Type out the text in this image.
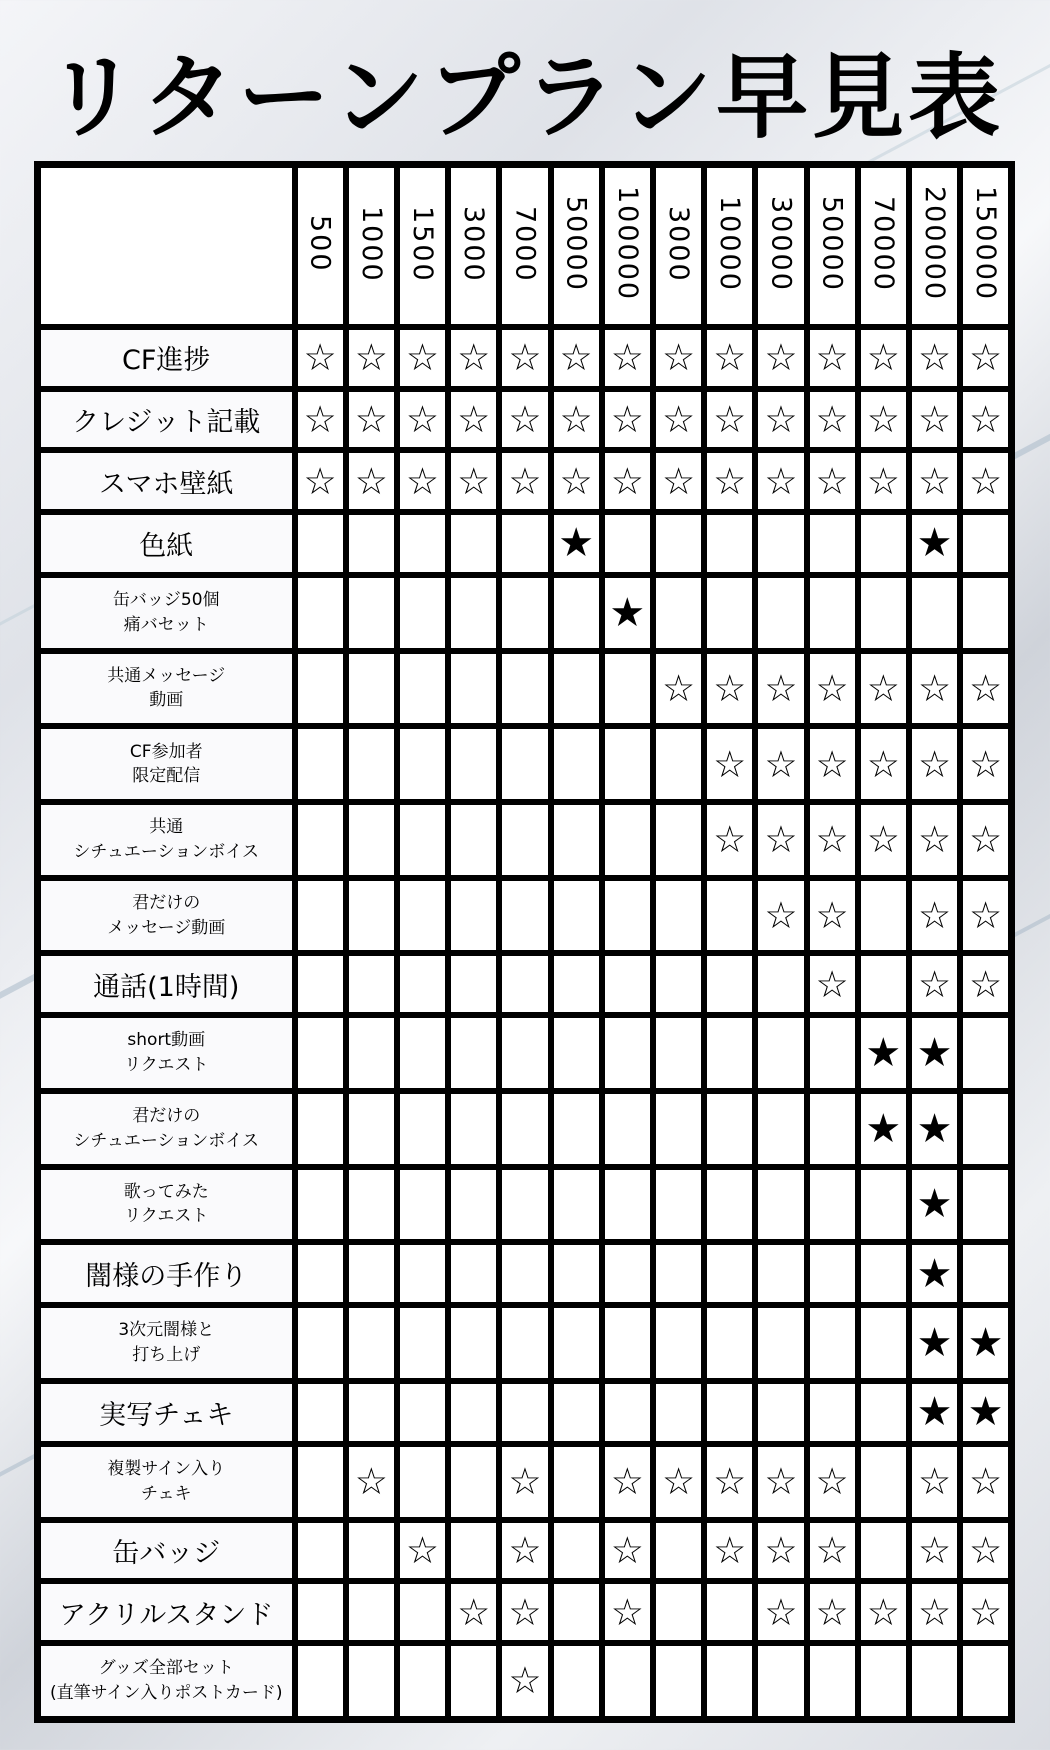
リターンプラン早見表
	500	1000	1500	3000	7000	50000	100000	3000	10000	30000	50000	70000	200000	150000
CF進捗	☆	☆	☆	☆	☆	☆	☆	☆	☆	☆	☆	☆	☆	☆
クレジット記載	☆	☆	☆	☆	☆	☆	☆	☆	☆	☆	☆	☆	☆	☆
スマホ壁紙	☆	☆	☆	☆	☆	☆	☆	☆	☆	☆	☆	☆	☆	☆
色紙						★							★	
缶バッジ50個
痛バセット							★							
共通メッセージ
動画								☆	☆	☆	☆	☆	☆	☆
CF参加者
限定配信									☆	☆	☆	☆	☆	☆
共通
シチュエーションボイス									☆	☆	☆	☆	☆	☆
君だけの
メッセージ動画										☆	☆		☆	☆
通話(1時間)											☆		☆	☆
short動画
リクエスト												★	★	
君だけの
シチュエーションボイス												★	★	
歌ってみた
リクエスト													★	
闇様の手作り													★	
3次元闇様と
打ち上げ													★	★
実写チェキ													★	★
複製サイン入り
チェキ		☆			☆		☆	☆	☆	☆	☆		☆	☆
缶バッジ			☆		☆		☆		☆	☆	☆		☆	☆
アクリルスタンド				☆	☆		☆			☆	☆	☆	☆	☆
グッズ全部セット
(直筆サイン入りポストカード)					☆									
